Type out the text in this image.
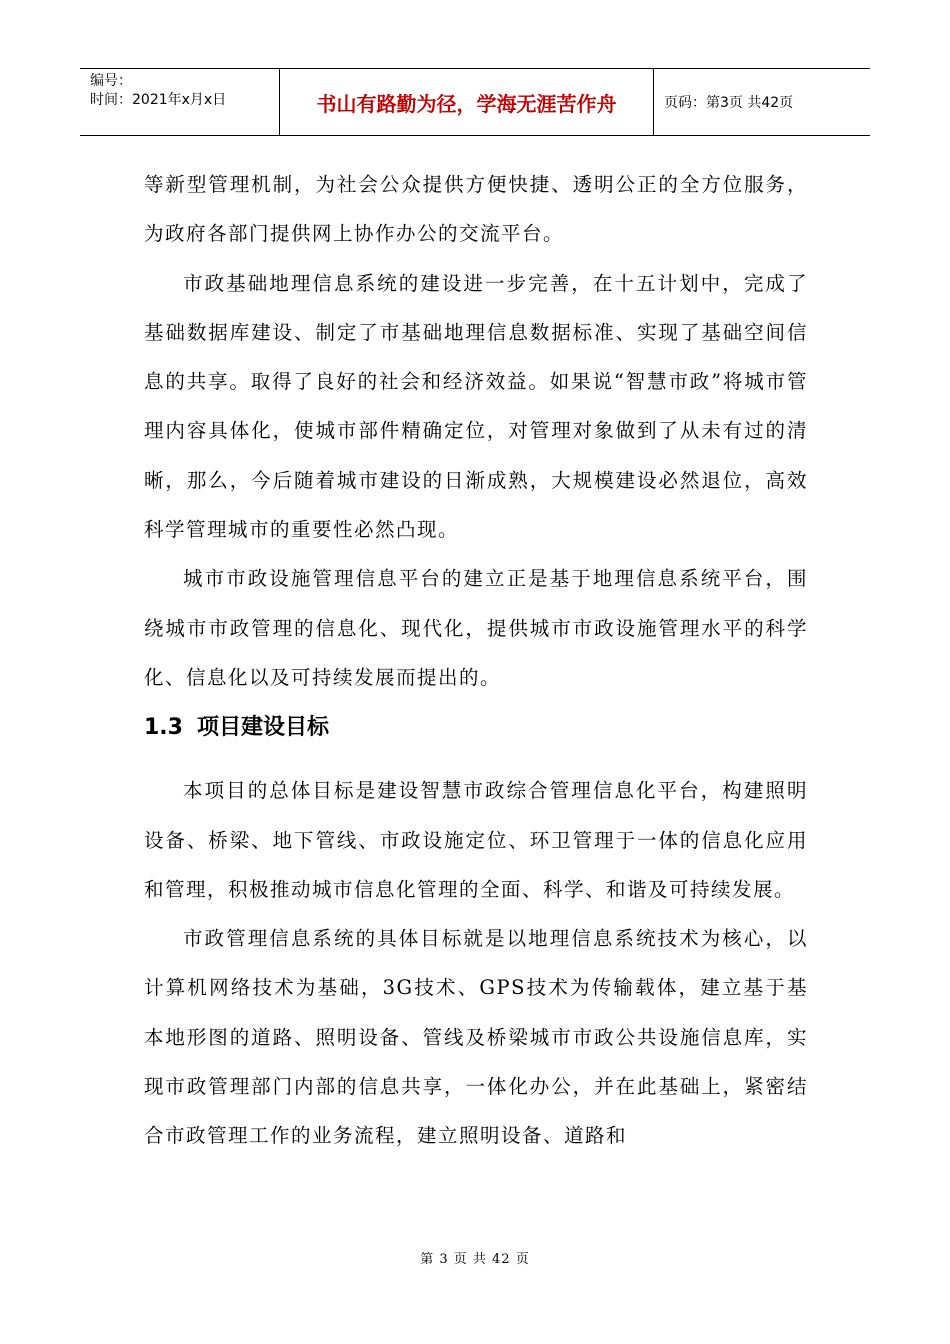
编号：
时间：2021年x月x日	书山有路勤为径，学海无涯苦作舟	页码：第3页 共42页

等新型管理机制，为社会公众提供方便快捷、透明公正的全方位服务，为政府各部门提供网上协作办公的交流平台。

市政基础地理信息系统的建设进一步完善，在十五计划中，完成了基础数据库建设、制定了市基础地理信息数据标准、实现了基础空间信息的共享。取得了良好的社会和经济效益。如果说“智慧市政”将城市管理内容具体化，使城市部件精确定位，对管理对象做到了从未有过的清晰，那么，今后随着城市建设的日渐成熟，大规模建设必然退位，高效科学管理城市的重要性必然凸现。

城市市政设施管理信息平台的建立正是基于地理信息系统平台，围绕城市市政管理的信息化、现代化，提供城市市政设施管理水平的科学化、信息化以及可持续发展而提出的。

1.3 项目建设目标

本项目的总体目标是建设智慧市政综合管理信息化平台，构建照明设备、桥梁、地下管线、市政设施定位、环卫管理于一体的信息化应用和管理，积极推动城市信息化管理的全面、科学、和谐及可持续发展。

市政管理信息系统的具体目标就是以地理信息系统技术为核心，以计算机网络技术为基础，3G技术、GPS技术为传输载体，建立基于基本地形图的道路、照明设备、管线及桥梁城市市政公共设施信息库，实现市政管理部门内部的信息共享，一体化办公，并在此基础上，紧密结合市政管理工作的业务流程，建立照明设备、道路和

第 3 页 共 42 页
